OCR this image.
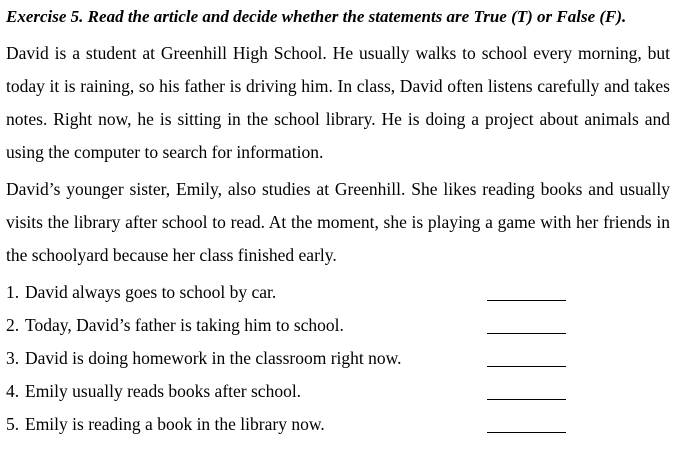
Exercise 5. Read the article and decide whether the statements are True (T) or False (F).

David is a student at Greenhill High School. He usually walks to school every morning, but today it is raining, so his father is driving him. In class, David often listens carefully and takes notes. Right now, he is sitting in the school library. He is doing a project about animals and using the computer to search for information.

David’s younger sister, Emily, also studies at Greenhill. She likes reading books and usually visits the library after school to read. At the moment, she is playing a game with her friends in the schoolyard because her class finished early.

1. David always goes to school by car.
2. Today, David’s father is taking him to school.
3. David is doing homework in the classroom right now.
4. Emily usually reads books after school.
5. Emily is reading a book in the library now.
